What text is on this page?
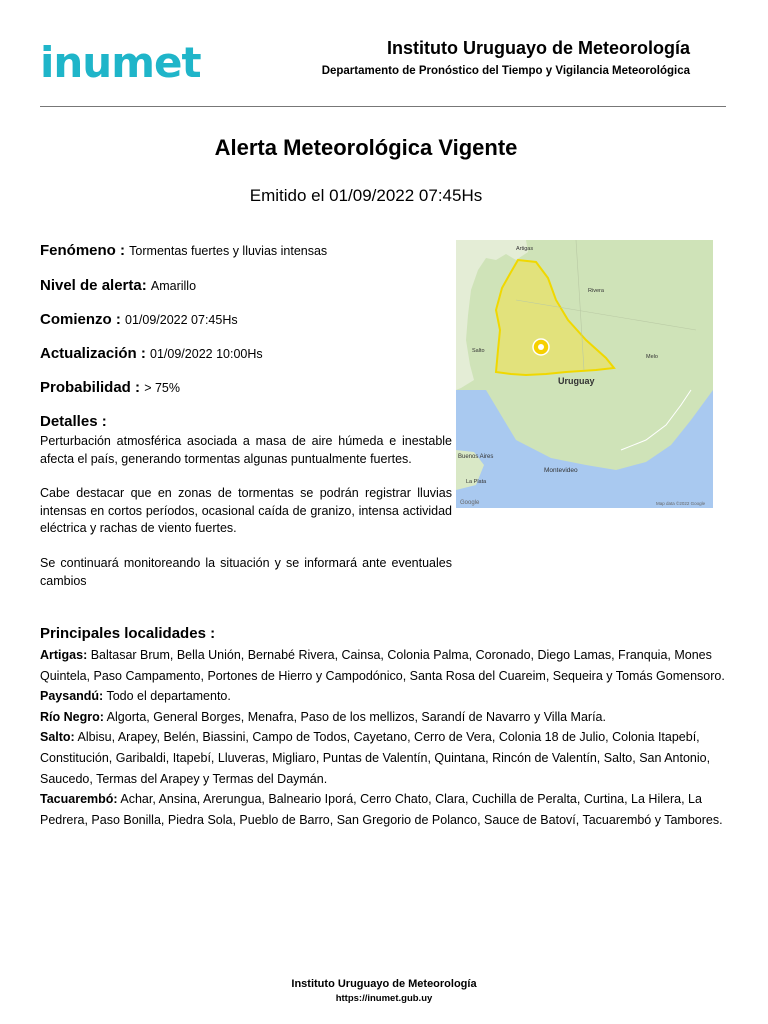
inumet	Instituto Uruguayo de Meteorología
Departamento de Pronóstico del Tiempo y Vigilancia Meteorológica
Alerta Meteorológica Vigente
Emitido el 01/09/2022 07:45Hs
Fenómeno : Tormentas fuertes y lluvias intensas
Nivel de alerta: Amarillo
Comienzo : 01/09/2022 07:45Hs
Actualización : 01/09/2022 10:00Hs
Probabilidad : > 75%
Detalles :
Perturbación atmosférica asociada a masa de aire húmeda e inestable afecta el país, generando tormentas algunas puntualmente fuertes.
Cabe destacar que en zonas de tormentas se podrán registrar lluvias intensas en cortos períodos, ocasional caída de granizo, intensa actividad eléctrica y rachas de viento fuertes.
Se continuará monitoreando la situación y se informará ante eventuales cambios
Uruguay
Montevideo
Buenos Aires
La Plata
Salto
Melo
Rivera
Artigas
Google	Map data ©2022 Google
Principales localidades :
Artigas: Baltasar Brum, Bella Unión, Bernabé Rivera, Cainsa, Colonia Palma, Coronado, Diego Lamas, Franquia, Mones Quintela, Paso Campamento, Portones de Hierro y Campodónico, Santa Rosa del Cuareim, Sequeira y Tomás Gomensoro.
Paysandú: Todo el departamento.
Río Negro: Algorta, General Borges, Menafra, Paso de los mellizos, Sarandí de Navarro y Villa María.
Salto: Albisu, Arapey, Belén, Biassini, Campo de Todos, Cayetano, Cerro de Vera, Colonia 18 de Julio, Colonia Itapebí, Constitución, Garibaldi, Itapebí, Lluveras, Migliaro, Puntas de Valentín, Quintana, Rincón de Valentín, Salto, San Antonio, Saucedo, Termas del Arapey y Termas del Daymán.
Tacuarembó: Achar, Ansina, Arerungua, Balneario Iporá, Cerro Chato, Clara, Cuchilla de Peralta, Curtina, La Hilera, La Pedrera, Paso Bonilla, Piedra Sola, Pueblo de Barro, San Gregorio de Polanco, Sauce de Batoví, Tacuarembó y Tambores.
Instituto Uruguayo de Meteorología
https://inumet.gub.uy
